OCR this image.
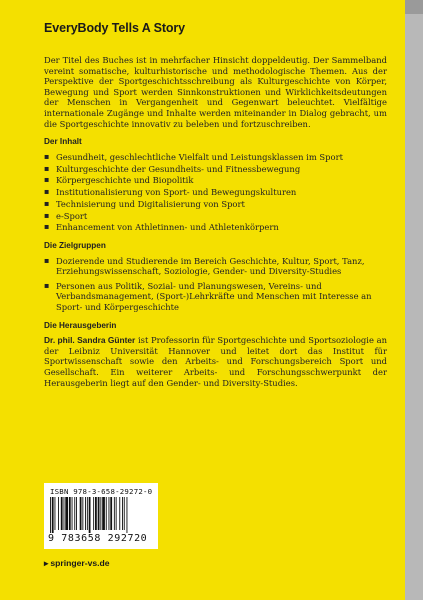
EveryBody Tells A Story

Der Titel des Buches ist in mehrfacher Hinsicht doppeldeutig. Der Sammelband vereint somatische, kulturhistorische und methodologische Themen. Aus der Perspektive der Sportgeschichtsschreibung als Kulturgeschichte von Körper, Bewegung und Sport werden Sinnkonstruktionen und Wirklichkeitsdeutungen der Menschen in Vergangenheit und Gegenwart beleuchtet. Vielfältige internationale Zugänge und Inhalte werden miteinander in Dialog gebracht, um die Sportgeschichte innovativ zu beleben und fortzuschreiben.

Der Inhalt
▪ Gesundheit, geschlechtliche Vielfalt und Leistungsklassen im Sport
▪ Kulturgeschichte der Gesundheits- und Fitnessbewegung
▪ Körpergeschichte und Biopolitik
▪ Institutionalisierung von Sport- und Bewegungskulturen
▪ Technisierung und Digitalisierung von Sport
▪ e-Sport
▪ Enhancement von Athletinnen- und Athletenkörpern
Die Zielgruppen
▪ Dozierende und Studierende im Bereich Geschichte, Kultur, Sport, Tanz, Erziehungswissenschaft, Soziologie, Gender- und Diversity-Studies
▪ Personen aus Politik, Sozial- und Planungswesen, Vereins- und Verbandsmanagement, (Sport-)Lehrkräfte und Menschen mit Interesse an Sport- und Körpergeschichte
Die Herausgeberin

Dr. phil. Sandra Günter ist Professorin für Sportgeschichte und Sportsoziologie an der Leibniz Universität Hannover und leitet dort das Institut für Sportwissenschaft sowie den Arbeits- und Forschungsbereich Sport und Gesellschaft. Ein weiterer Arbeits- und Forschungsschwerpunkt der Herausgeberin liegt auf den Gender- und Diversity-Studies.

ISBN 978-3-658-29272-0
9 783658 292720
▸ springer-vs.de
